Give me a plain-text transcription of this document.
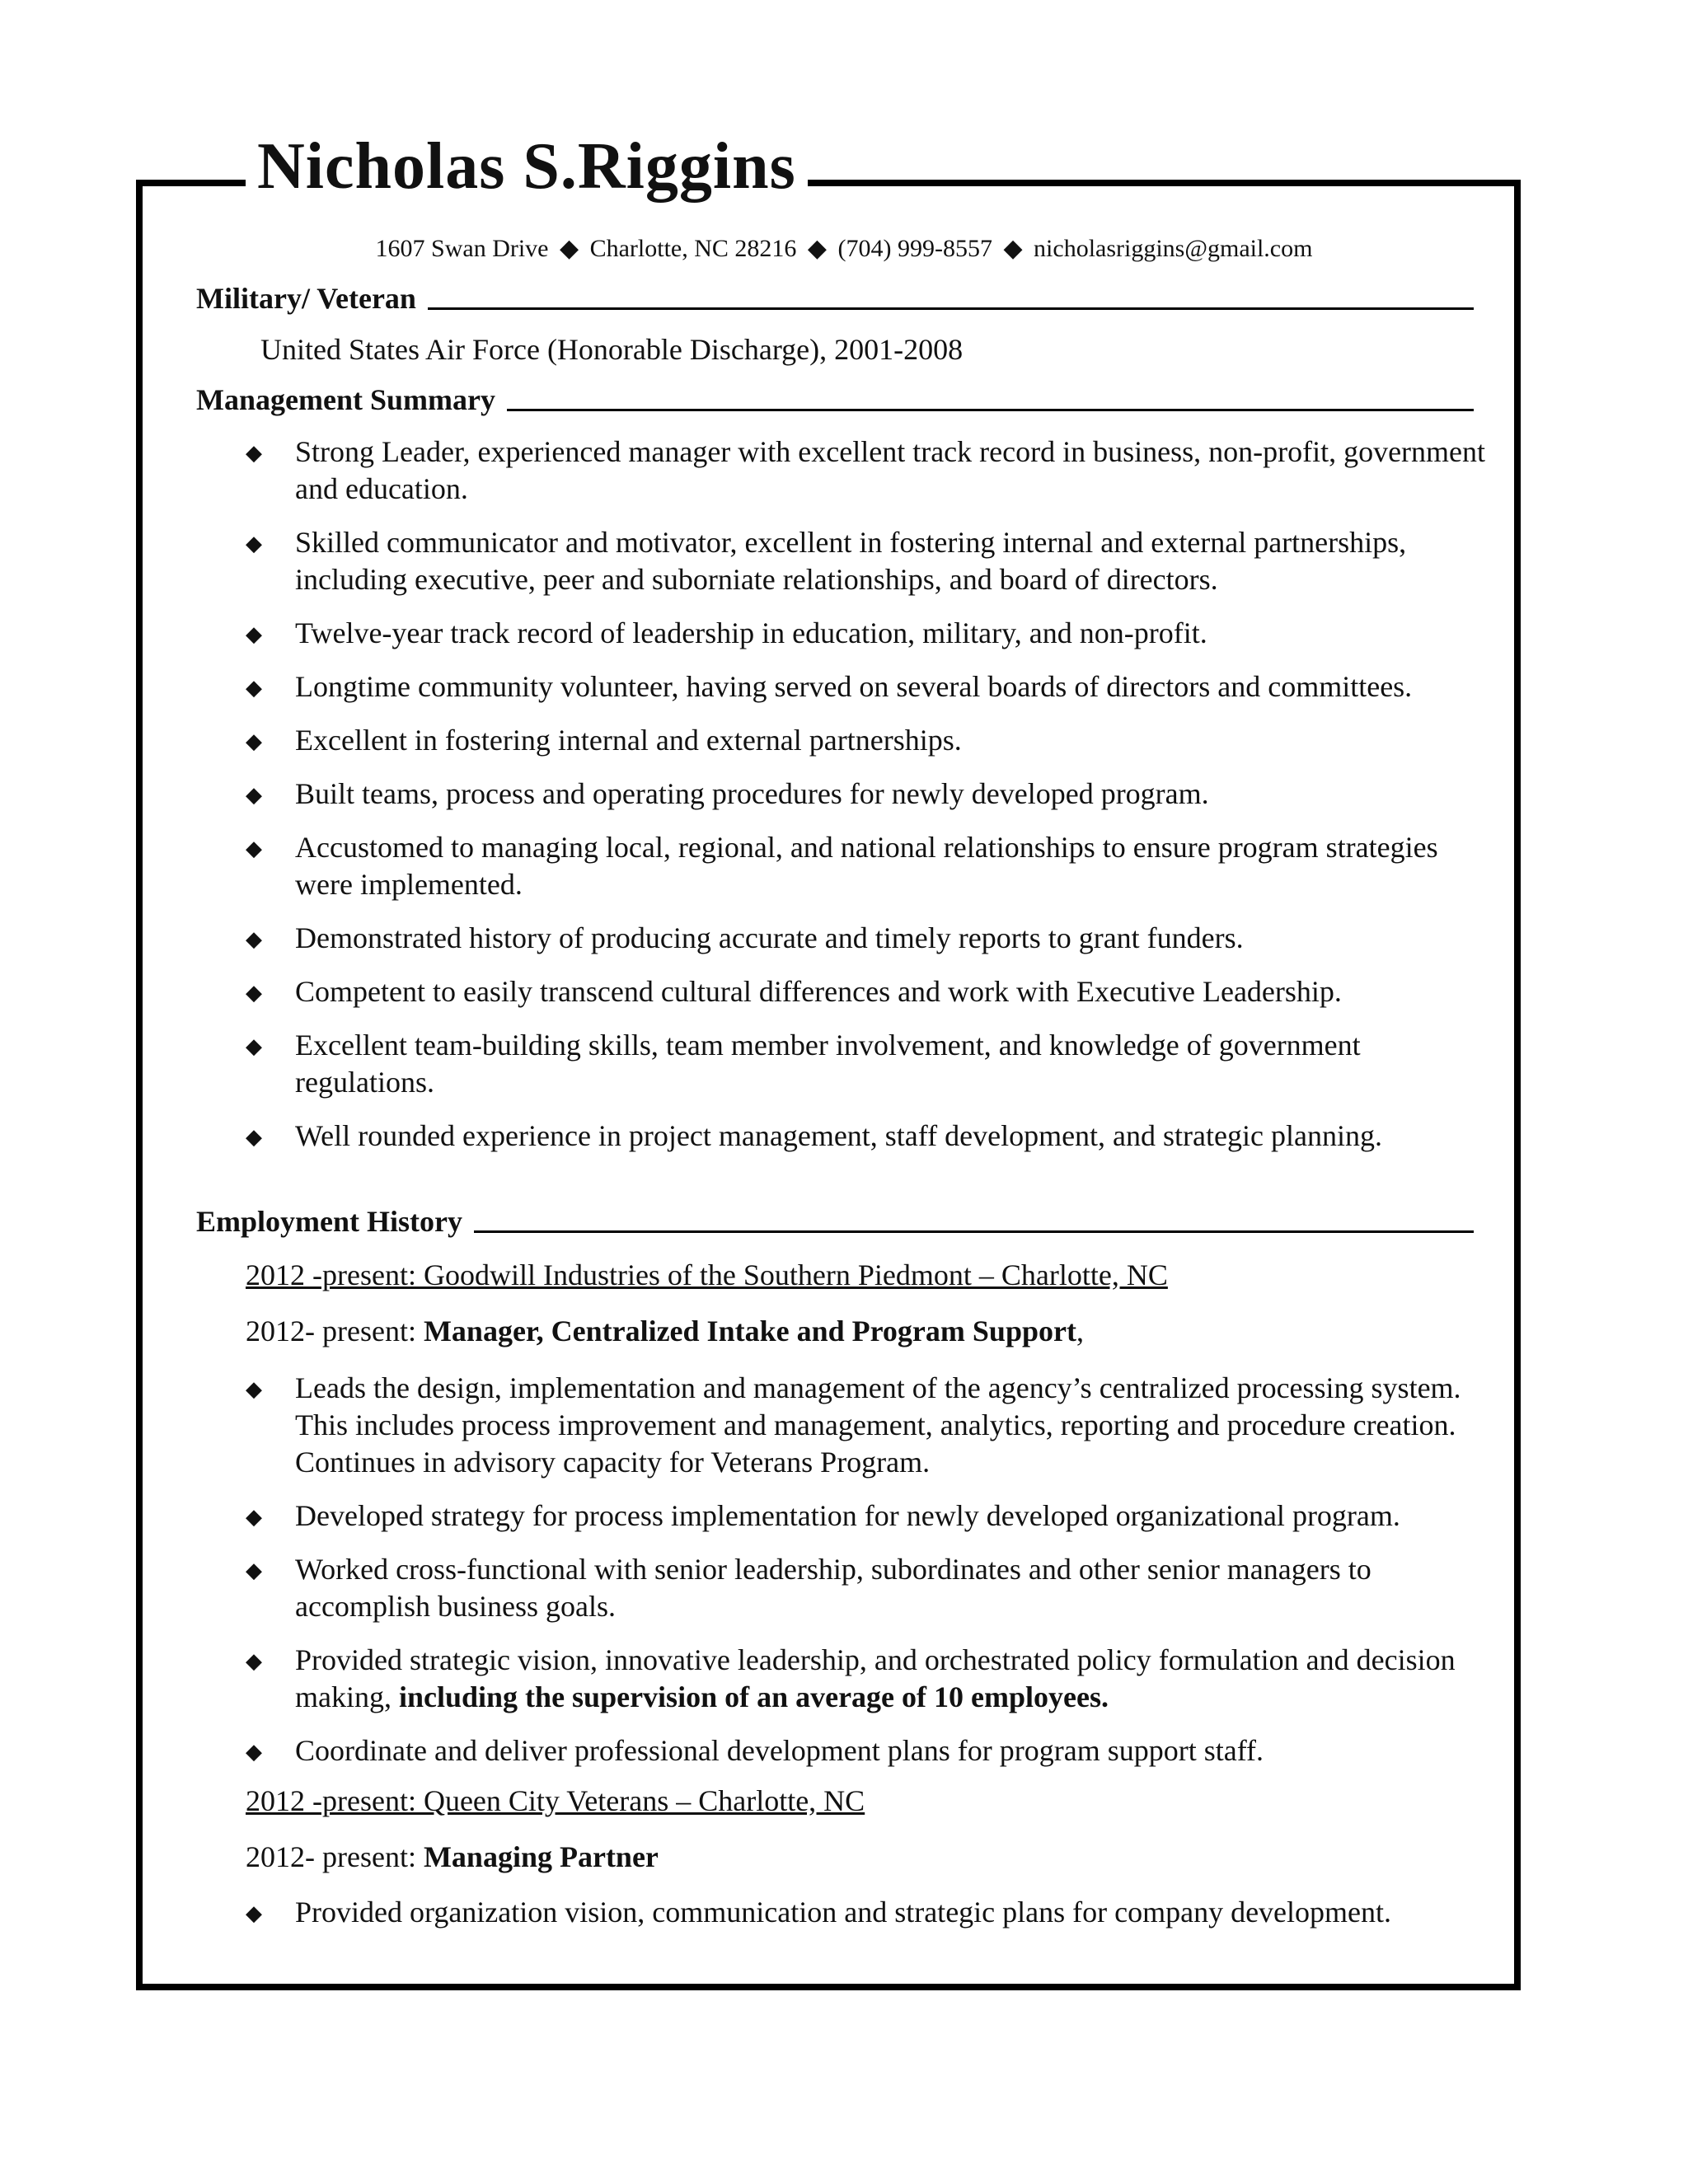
Nicholas S.Riggins
1607 Swan Drive ◆ Charlotte, NC 28216 ◆ (704) 999-8557 ◆ nicholasriggins@gmail.com
Military/ Veteran
United States Air Force (Honorable Discharge), 2001-2008
Management Summary
◆ Strong Leader, experienced manager with excellent track record in business, non-profit, government and education.
◆ Skilled communicator and motivator, excellent in fostering internal and external partnerships, including executive, peer and suborniate relationships, and board of directors.
◆ Twelve-year track record of leadership in education, military, and non-profit.
◆ Longtime community volunteer, having served on several boards of directors and committees.
◆ Excellent in fostering internal and external partnerships.
◆ Built teams, process and operating procedures for newly developed program.
◆ Accustomed to managing local, regional, and national relationships to ensure program strategies were implemented.
◆ Demonstrated history of producing accurate and timely reports to grant funders.
◆ Competent to easily transcend cultural differences and work with Executive Leadership.
◆ Excellent team-building skills, team member involvement, and knowledge of government regulations.
◆ Well rounded experience in project management, staff development, and strategic planning.
Employment History
2012 -present: Goodwill Industries of the Southern Piedmont – Charlotte, NC
2012- present: Manager, Centralized Intake and Program Support,
◆ Leads the design, implementation and management of the agency’s centralized processing system. This includes process improvement and management, analytics, reporting and procedure creation. Continues in advisory capacity for Veterans Program.
◆ Developed strategy for process implementation for newly developed organizational program.
◆ Worked cross-functional with senior leadership, subordinates and other senior managers to accomplish business goals.
◆ Provided strategic vision, innovative leadership, and orchestrated policy formulation and decision making, including the supervision of an average of 10 employees.
◆ Coordinate and deliver professional development plans for program support staff.
2012 -present: Queen City Veterans – Charlotte, NC
2012- present: Managing Partner
◆ Provided organization vision, communication and strategic plans for company development.
